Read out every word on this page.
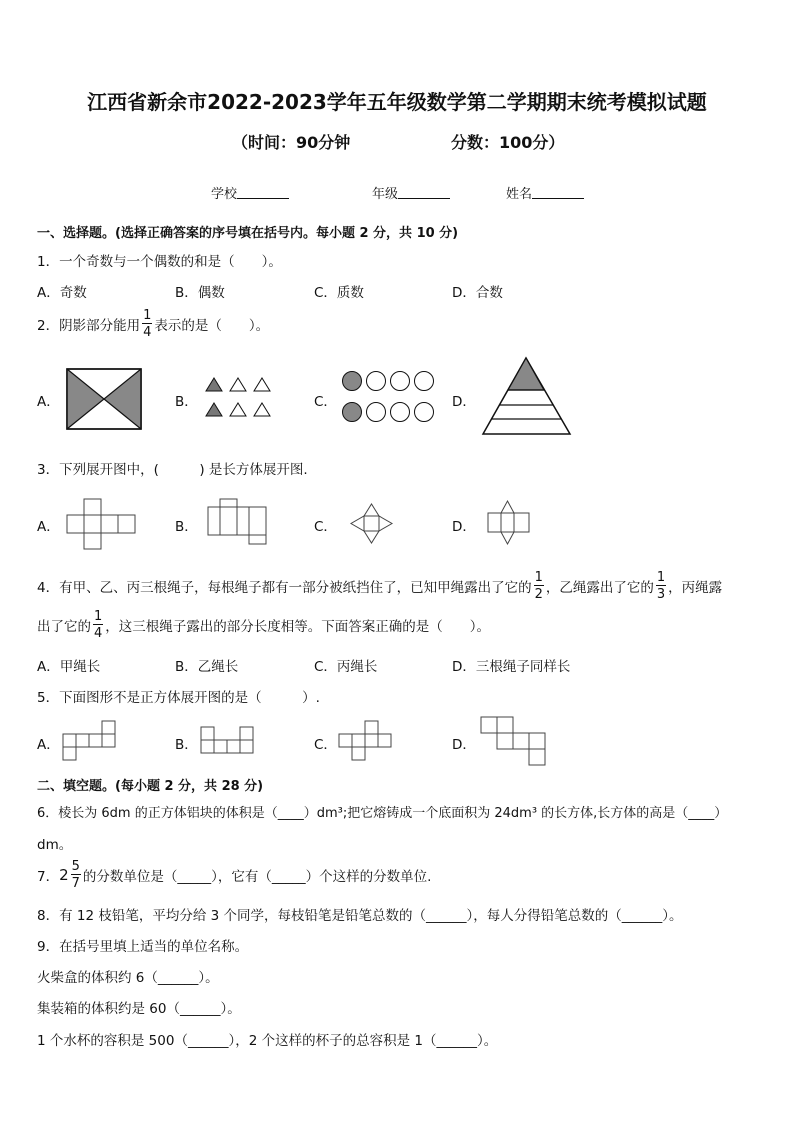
江西省新余市2022-2023学年五年级数学第二学期期末统考模拟试题
（时间：90分钟	分数：100分）
学校	年级	姓名
一、选择题。(选择正确答案的序号填在括号内。每小题 2 分，共 10 分)
1．一个奇数与一个偶数的和是（　　）。
A．奇数	B．偶数	C．质数	D．合数
2．阴影部分能用 $\frac{1}{4}$ 表示的是（　　）。
A．	B．	C．	D．
3．下列展开图中，(　　　) 是长方体展开图.
A．	B．	C．	D．
4．有甲、乙、丙三根绳子，每根绳子都有一部分被纸挡住了，已知甲绳露出了它的 $\frac{1}{2}$ ，乙绳露出了它的 $\frac{1}{3}$ ，丙绳露
出了它的 $\frac{1}{4}$ ，这三根绳子露出的部分长度相等。下面答案正确的是（　　）。
A．甲绳长	B．乙绳长	C．丙绳长	D．三根绳子同样长
5．下面图形不是正方体展开图的是（　　　）.
A．	B．	C．	D．
二、填空题。(每小题 2 分，共 28 分)
6．棱长为 6dm 的正方体铝块的体积是（____）dm³;把它熔铸成一个底面积为 24dm³ 的长方体,长方体的高是（____）
dm。
7．$2 \frac{5}{7}$ 的分数单位是（_____），它有（_____）个这样的分数单位.
8．有 12 枝铅笔，平均分给 3 个同学，每枝铅笔是铅笔总数的（______），每人分得铅笔总数的（______）。
9．在括号里填上适当的单位名称。
火柴盒的体积约 6（______）。
集装箱的体积约是 60（______）。
1 个水杯的容积是 500（______），2 个这样的杯子的总容积是 1（______）。
